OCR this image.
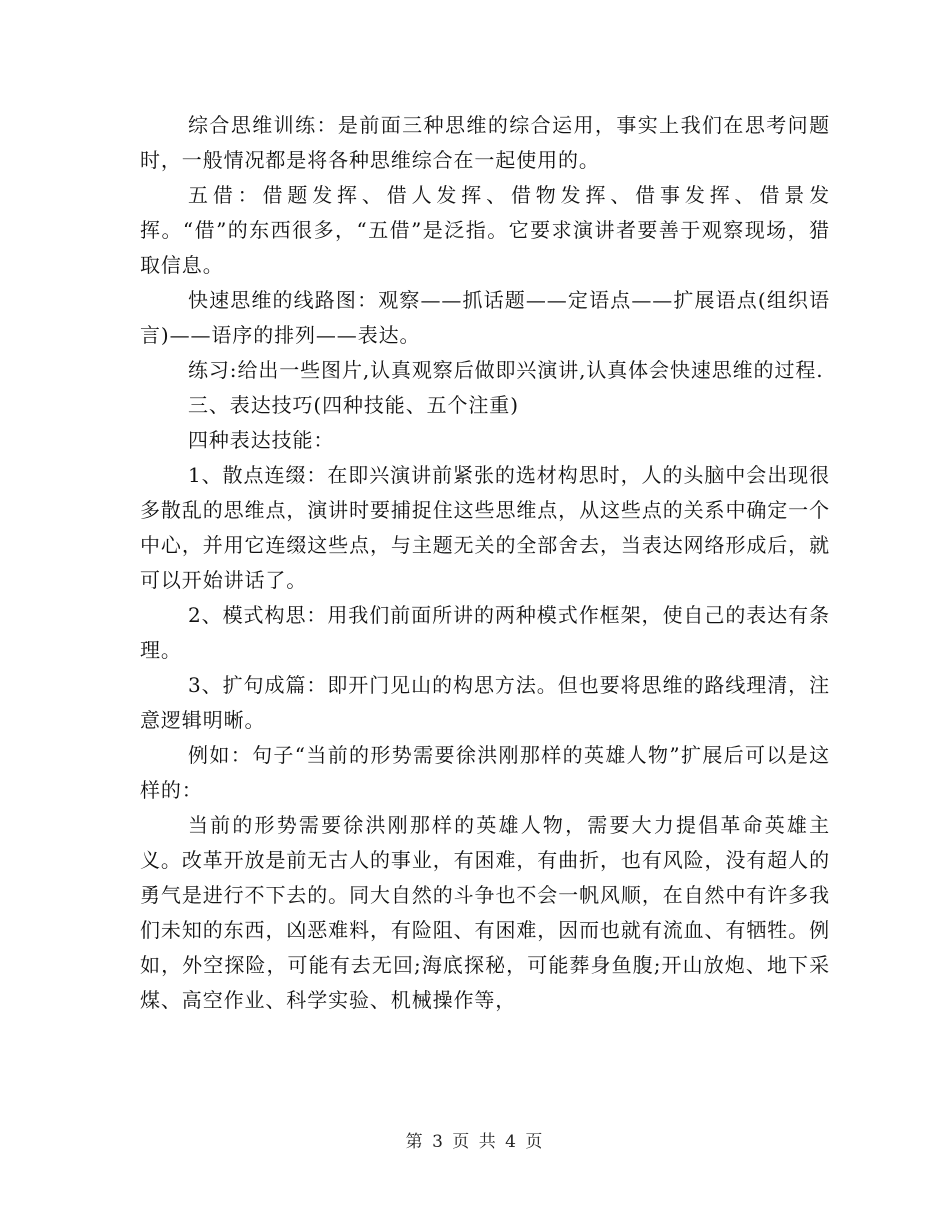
综合思维训练：是前面三种思维的综合运用，事实上我们在思考问题时，一般情况都是将各种思维综合在一起使用的。

五借：借题发挥、借人发挥、借物发挥、借事发挥、借景发挥。“借”的东西很多，“五借”是泛指。它要求演讲者要善于观察现场，猎取信息。

快速思维的线路图：观察——抓话题——定语点——扩展语点(组织语言)——语序的排列——表达。

练习:给出一些图片,认真观察后做即兴演讲,认真体会快速思维的过程.

三、表达技巧(四种技能、五个注重)

四种表达技能：

1、散点连缀：在即兴演讲前紧张的选材构思时，人的头脑中会出现很多散乱的思维点，演讲时要捕捉住这些思维点，从这些点的关系中确定一个中心，并用它连缀这些点，与主题无关的全部舍去，当表达网络形成后，就可以开始讲话了。

2、模式构思：用我们前面所讲的两种模式作框架，使自己的表达有条理。

3、扩句成篇：即开门见山的构思方法。但也要将思维的路线理清，注意逻辑明晰。

例如：句子“当前的形势需要徐洪刚那样的英雄人物”扩展后可以是这样的：

当前的形势需要徐洪刚那样的英雄人物，需要大力提倡革命英雄主义。改革开放是前无古人的事业，有困难，有曲折，也有风险，没有超人的勇气是进行不下去的。同大自然的斗争也不会一帆风顺，在自然中有许多我们未知的东西，凶恶难料，有险阻、有困难，因而也就有流血、有牺牲。例如，外空探险，可能有去无回;海底探秘，可能葬身鱼腹;开山放炮、地下采煤、高空作业、科学实验、机械操作等，

第 3 页 共 4 页
